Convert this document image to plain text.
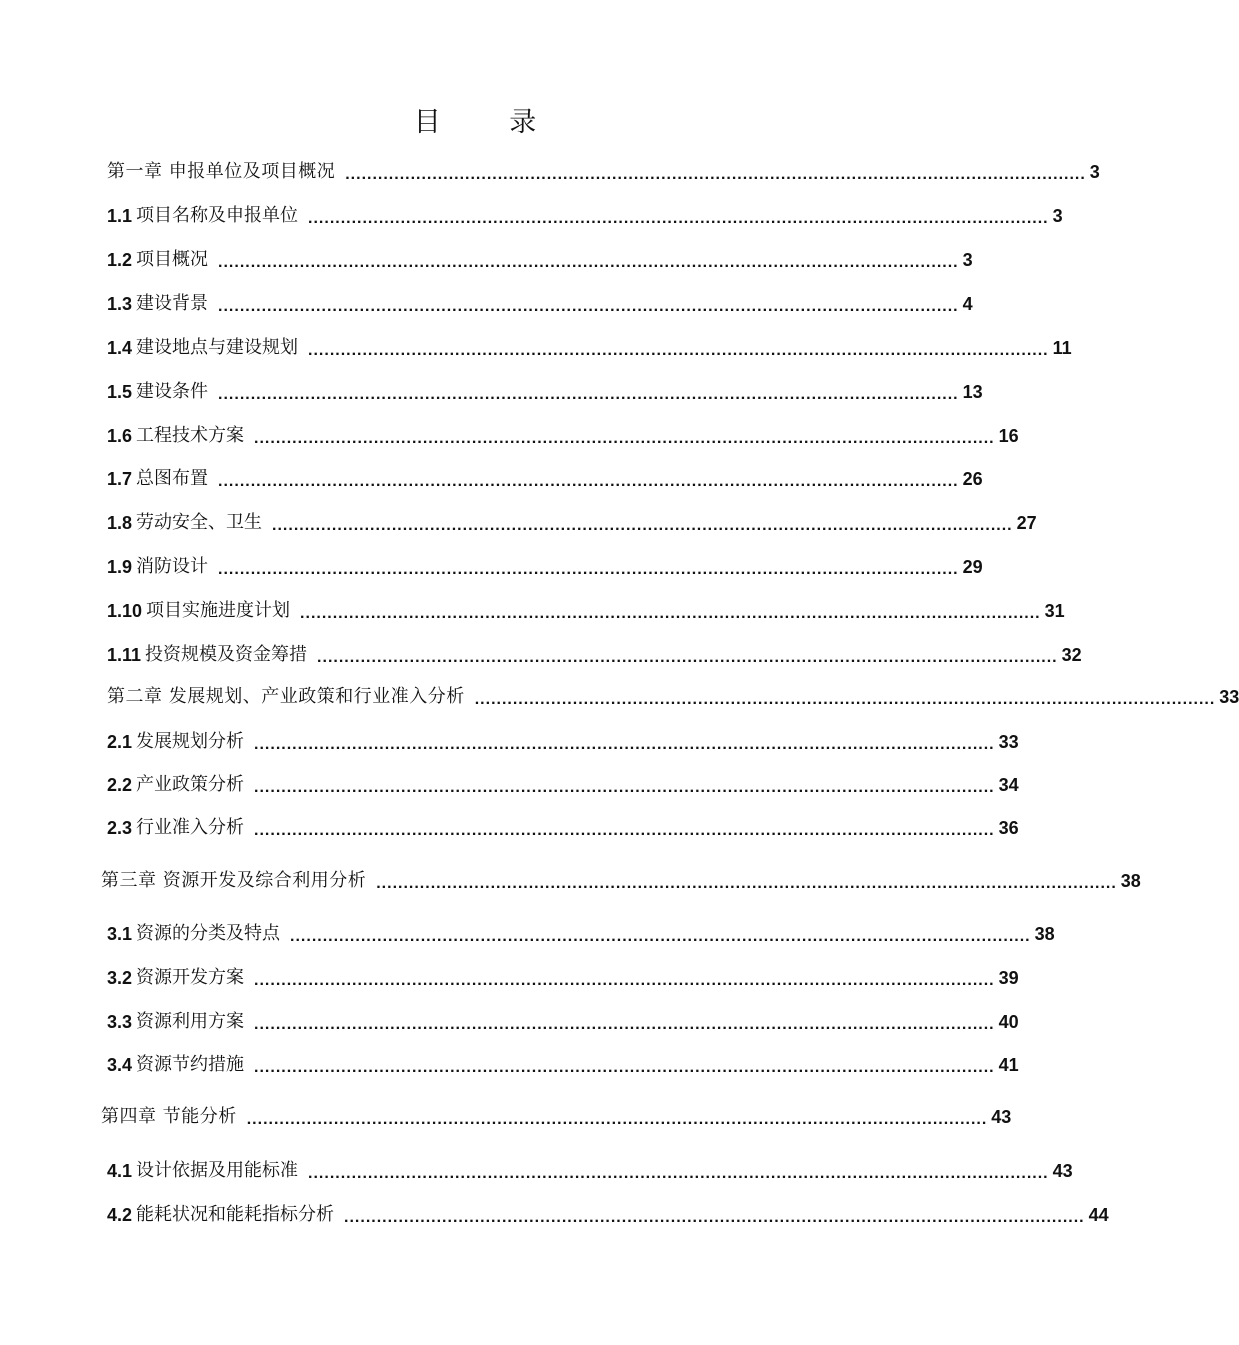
目 录
第一章 申报单位及项目概况 ........................................................................................................................................ 3
1.1 项目名称及申报单位 ........................................................................................................................................ 3
1.2 项目概况 ........................................................................................................................................ 3
1.3 建设背景 ........................................................................................................................................ 4
1.4 建设地点与建设规划 ........................................................................................................................................ 11
1.5 建设条件 ........................................................................................................................................ 13
1.6 工程技术方案 ........................................................................................................................................ 16
1.7 总图布置 ........................................................................................................................................ 26
1.8 劳动安全、卫生 ........................................................................................................................................ 27
1.9 消防设计 ........................................................................................................................................ 29
1.10 项目实施进度计划 ........................................................................................................................................ 31
1.11 投资规模及资金筹措 ........................................................................................................................................ 32
第二章 发展规划、产业政策和行业准入分析 ........................................................................................................................................ 33
2.1 发展规划分析 ........................................................................................................................................ 33
2.2 产业政策分析 ........................................................................................................................................ 34
2.3 行业准入分析 ........................................................................................................................................ 36
第三章 资源开发及综合利用分析 ........................................................................................................................................ 38
3.1 资源的分类及特点 ........................................................................................................................................ 38
3.2 资源开发方案 ........................................................................................................................................ 39
3.3 资源利用方案 ........................................................................................................................................ 40
3.4 资源节约措施 ........................................................................................................................................ 41
第四章 节能分析 ........................................................................................................................................ 43
4.1 设计依据及用能标准 ........................................................................................................................................ 43
4.2 能耗状况和能耗指标分析 ........................................................................................................................................ 44
